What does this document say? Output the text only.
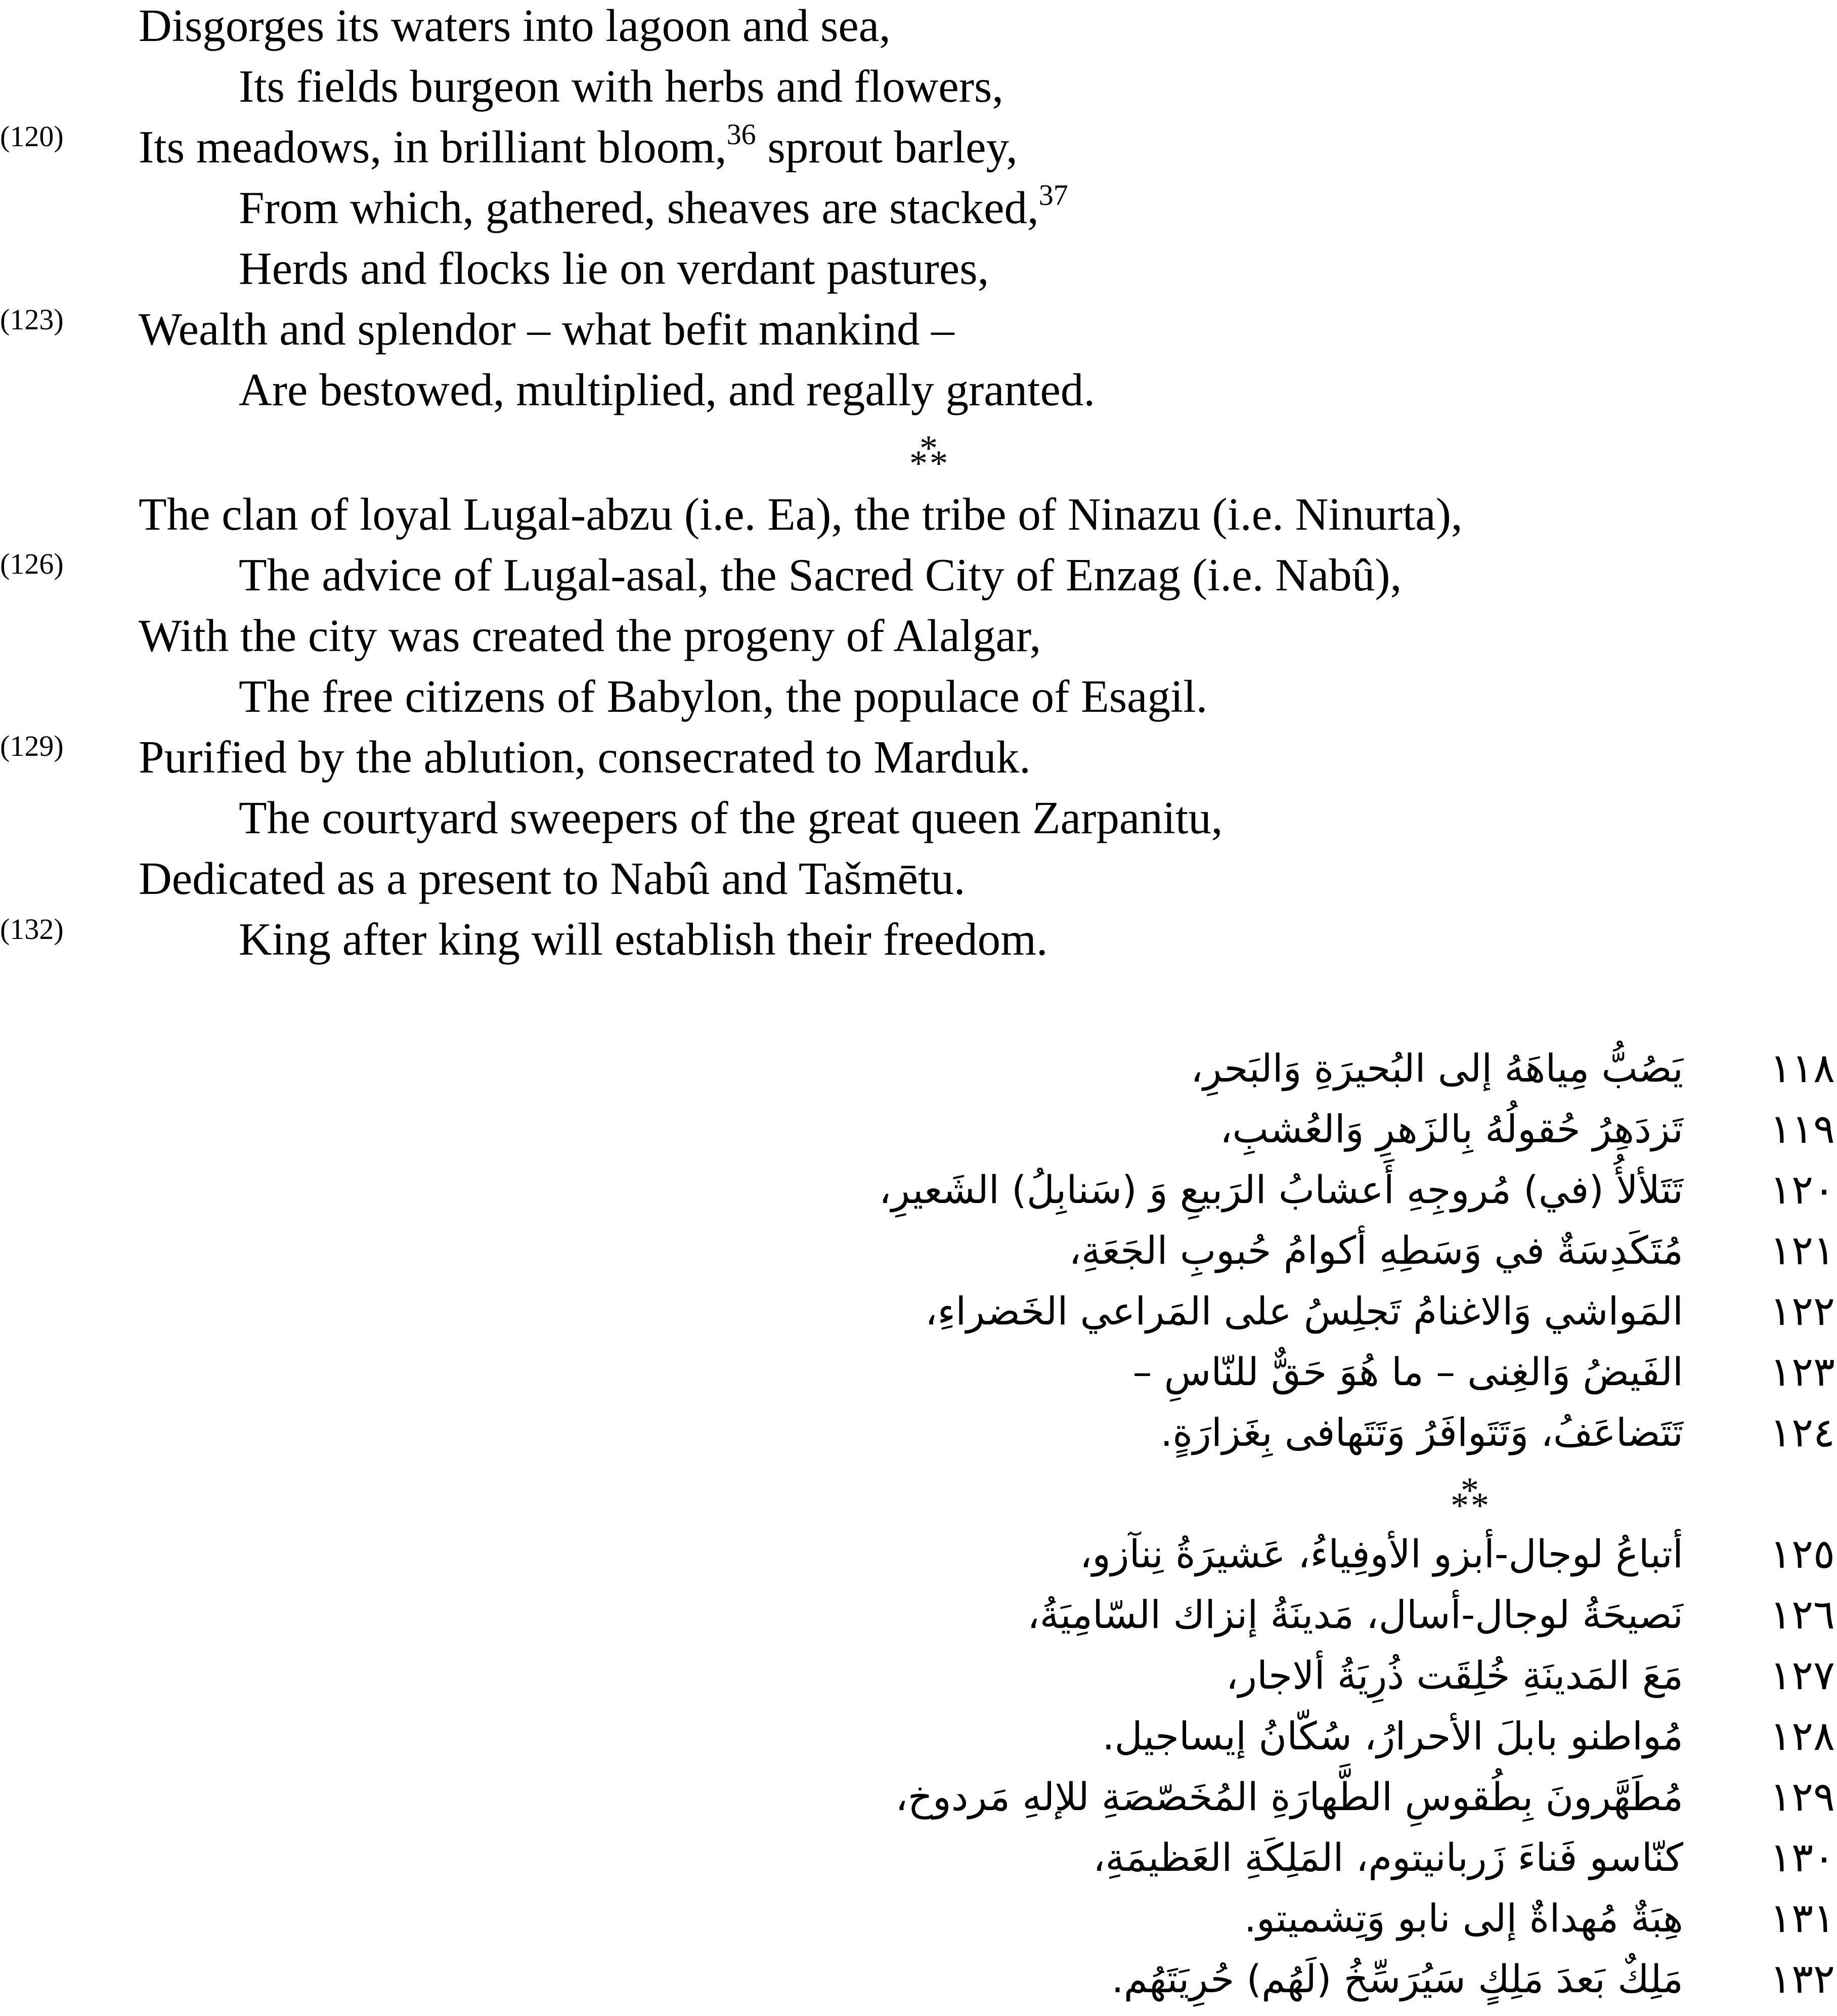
Disgorges its waters into lagoon and sea,
Its fields burgeon with herbs and flowers,
Its meadows, in brilliant bloom,$^{36}$ sprout barley,
From which, gathered, sheaves are stacked,$^{37}$
Herds and flocks lie on verdant pastures,
Wealth and splendor – what befit mankind –
Are bestowed, multiplied, and regally granted.
*
* *
The clan of loyal Lugal-abzu (i.e. Ea), the tribe of Ninazu (i.e. Ninurta),
The advice of Lugal-asal, the Sacred City of Enzag (i.e. Nabû),
With the city was created the progeny of Alalgar,
The free citizens of Babylon, the populace of Esagil.
Purified by the ablution, consecrated to Marduk.
The courtyard sweepers of the great queen Zarpanitu,
Dedicated as a present to Nabû and Tašmētu.
King after king will establish their freedom.
(120)
(123)
(126)
(129)
(132)
يَصُبُّ مِياهَهُ إلى البُحيرَةِ وَالبَحرِ، ١١٨
تَزدَهِرُ حُقولُهُ بِالزَهرِ وَالعُشبِ، ١١٩
تَتَلألأُ (في) مُروجِهِ أَعشابُ الرَبيعِ وَ (سَنابِلُ) الشَعيرِ، ١٢٠
مُتَكَدِسَةٌ في وَسَطِهِ أكوامُ حُبوبِ الجَعَةِ، ١٢١
المَواشي وَالاغنامُ تَجلِسُ على المَراعي الخَضراءِ، ١٢٢
الفَيضُ وَالغِنى – ما هُوَ حَقٌّ للنّاسِ – ١٢٣
تَتَضاعَفُ، وَتَتَوافَرُ وَتَتَهافى بِغَزارَةٍ. ١٢٤
*
* *
أتباعُ لوجال-أبزو الأوفِياءُ، عَشيرَةُ نِنآزو، ١٢٥
نَصيحَةُ لوجال-أسال، مَدينَةُ إنزاك السّامِيَةُ، ١٢٦
مَعَ المَدينَةِ خُلِقَت ذُرِيَةُ ألاجار، ١٢٧
مُواطنو بابلَ الأحرارُ، سُكّانُ إيساجيل. ١٢٨
مُطَهَّرونَ بِطُقوسِ الطَّهارَةِ المُخَصّصَةِ للإلهِ مَردوخ، ١٢٩
كنّاسو فَناءَ زَربانيتوم، المَلِكَةِ العَظيمَةِ، ١٣٠
هِبَةٌ مُهداةٌ إلى نابو وَتِشميتو. ١٣١
مَلِكٌ بَعدَ مَلِكٍ سَيُرَسِّخُ (لَهُم) حُرِيَتَهُم. ١٣٢
